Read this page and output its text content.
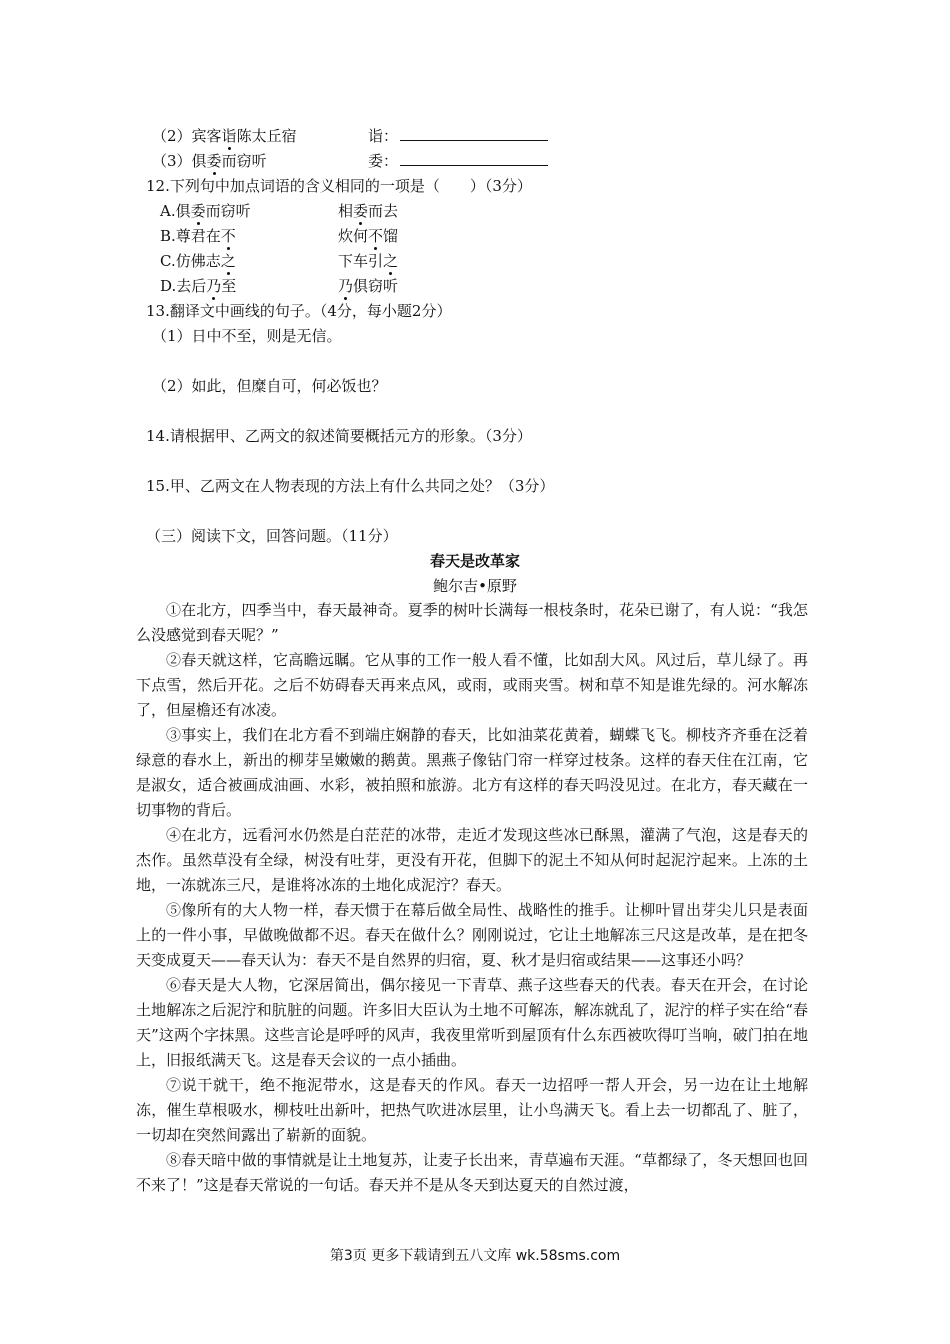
（2）宾客诣陈太丘宿	诣：
（3）俱委而窃听	委：
12.下列句中加点词语的含义相同的一项是（　　）（3分）
A.俱委而窃听	相委而去
B.尊君在不	炊何不馏
C.仿佛志之	下车引之
D.去后乃至	乃俱窃听
13.翻译文中画线的句子。（4分，每小题2分）
（1）日中不至，则是无信。
（2）如此，但糜自可，何必饭也？
14.请根据甲、乙两文的叙述简要概括元方的形象。（3分）
15.甲、乙两文在人物表现的方法上有什么共同之处？（3分）
（三）阅读下文，回答问题。（11分）
春天是改革家
鲍尔吉•原野

①在北方，四季当中，春天最神奇。夏季的树叶长满每一根枝条时，花朵已谢了，有人说：“我怎么没感觉到春天呢？”

②春天就这样，它高瞻远瞩。它从事的工作一般人看不懂，比如刮大风。风过后，草儿绿了。再下点雪，然后开花。之后不妨碍春天再来点风，或雨，或雨夹雪。树和草不知是谁先绿的。河水解冻了，但屋檐还有冰凌。

③事实上，我们在北方看不到端庄娴静的春天，比如油菜花黄着，蝴蝶飞飞。柳枝齐齐垂在泛着绿意的春水上，新出的柳芽呈嫩嫩的鹅黄。黑燕子像钻门帘一样穿过枝条。这样的春天住在江南，它是淑女，适合被画成油画、水彩，被拍照和旅游。北方有这样的春天吗没见过。在北方，春天藏在一切事物的背后。

④在北方，远看河水仍然是白茫茫的冰带，走近才发现这些冰已酥黑，灌满了气泡，这是春天的杰作。虽然草没有全绿，树没有吐芽，更没有开花，但脚下的泥土不知从何时起泥泞起来。上冻的土地，一冻就冻三尺，是谁将冰冻的土地化成泥泞？春天。

⑤像所有的大人物一样，春天惯于在幕后做全局性、战略性的推手。让柳叶冒出芽尖儿只是表面上的一件小事，早做晚做都不迟。春天在做什么？刚刚说过，它让土地解冻三尺这是改革，是在把冬天变成夏天——春天认为：春天不是自然界的归宿，夏、秋才是归宿或结果——这事还小吗？

⑥春天是大人物，它深居简出，偶尔接见一下青草、燕子这些春天的代表。春天在开会，在讨论土地解冻之后泥泞和肮脏的问题。许多旧大臣认为土地不可解冻，解冻就乱了，泥泞的样子实在给“春天”这两个字抹黑。这些言论是呼呼的风声，我夜里常听到屋顶有什么东西被吹得叮当响，破门拍在地上，旧报纸满天飞。这是春天会议的一点小插曲。

⑦说干就干，绝不拖泥带水，这是春天的作风。春天一边招呼一帮人开会，另一边在让土地解冻，催生草根吸水，柳枝吐出新叶，把热气吹进冰层里，让小鸟满天飞。看上去一切都乱了、脏了，一切却在突然间露出了崭新的面貌。

⑧春天暗中做的事情就是让土地复苏，让麦子长出来，青草遍布天涯。“草都绿了，冬天想回也回不来了！”这是春天常说的一句话。春天并不是从冬天到达夏天的自然过渡，

第3页 更多下载请到五八文库 wk.58sms.com
